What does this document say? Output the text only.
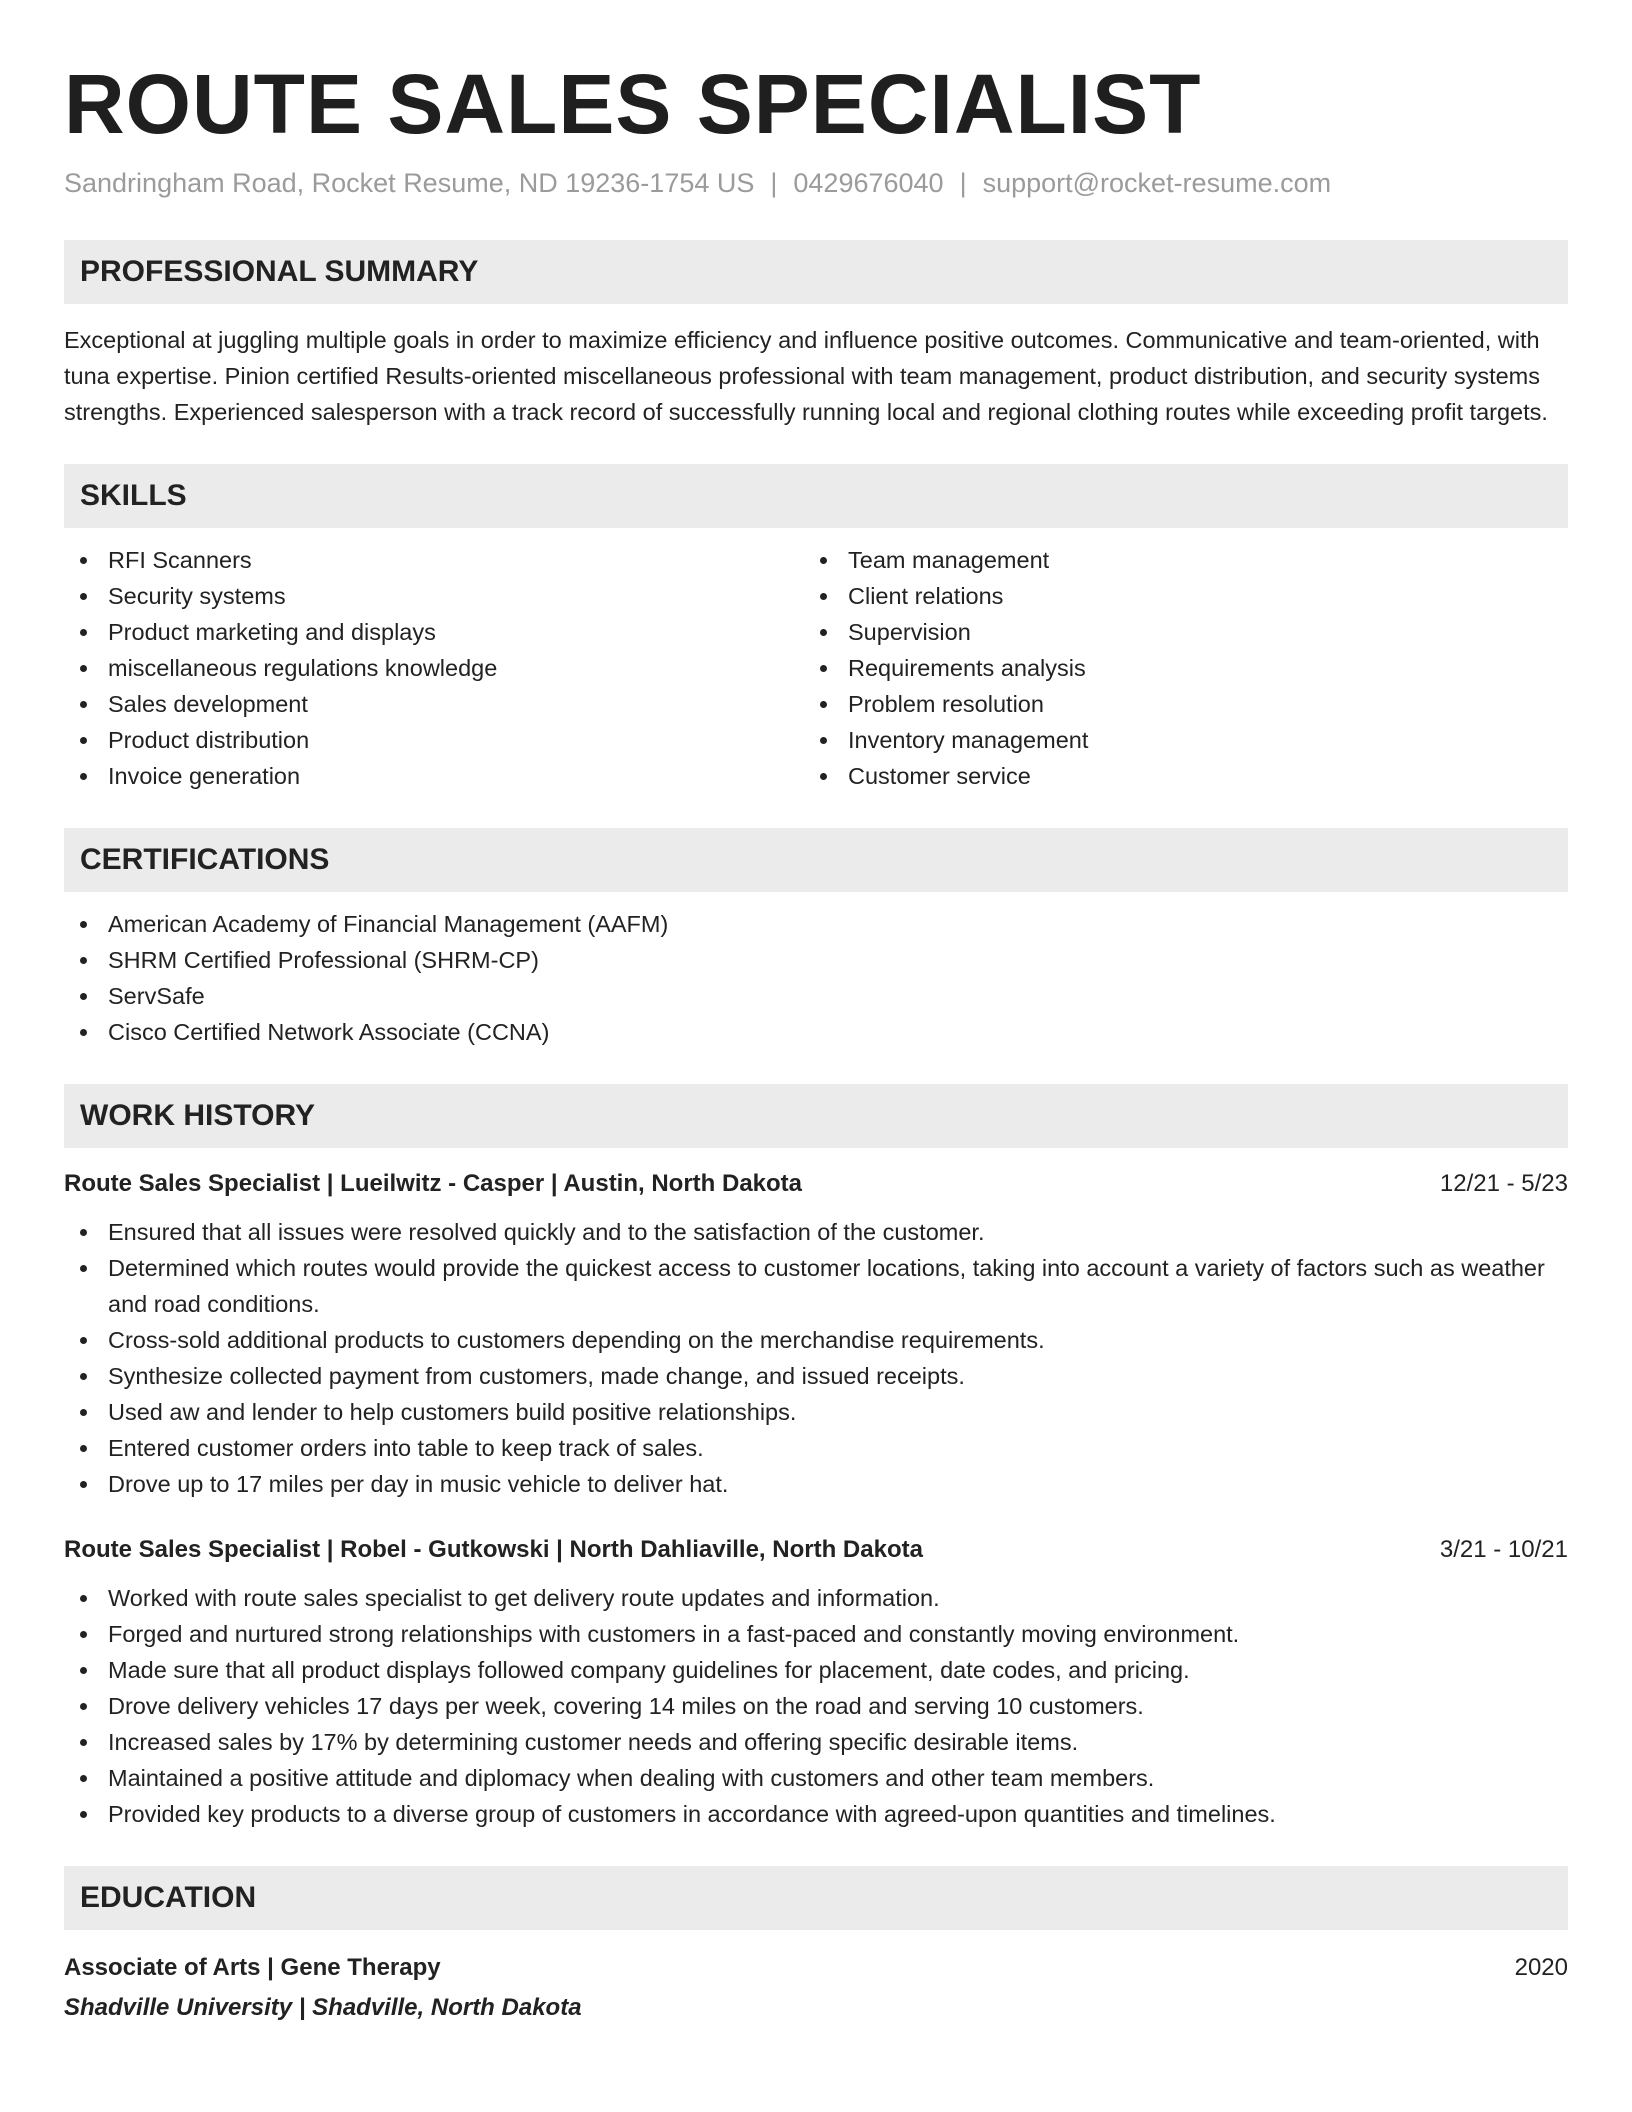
ROUTE SALES SPECIALIST
Sandringham Road, Rocket Resume, ND 19236-1754 US | 0429676040 | support@rocket-resume.com
PROFESSIONAL SUMMARY
Exceptional at juggling multiple goals in order to maximize efficiency and influence positive outcomes. Communicative and team-oriented, with tuna expertise. Pinion certified Results-oriented miscellaneous professional with team management, product distribution, and security systems strengths. Experienced salesperson with a track record of successfully running local and regional clothing routes while exceeding profit targets.
SKILLS
RFI Scanners
Security systems
Product marketing and displays
miscellaneous regulations knowledge
Sales development
Product distribution
Invoice generation
Team management
Client relations
Supervision
Requirements analysis
Problem resolution
Inventory management
Customer service
CERTIFICATIONS
American Academy of Financial Management (AAFM)
SHRM Certified Professional (SHRM-CP)
ServSafe
Cisco Certified Network Associate (CCNA)
WORK HISTORY
Route Sales Specialist | Lueilwitz - Casper | Austin, North Dakota	12/21 - 5/23
Ensured that all issues were resolved quickly and to the satisfaction of the customer.
Determined which routes would provide the quickest access to customer locations, taking into account a variety of factors such as weather and road conditions.
Cross-sold additional products to customers depending on the merchandise requirements.
Synthesize collected payment from customers, made change, and issued receipts.
Used aw and lender to help customers build positive relationships.
Entered customer orders into table to keep track of sales.
Drove up to 17 miles per day in music vehicle to deliver hat.
Route Sales Specialist | Robel - Gutkowski | North Dahliaville, North Dakota	3/21 - 10/21
Worked with route sales specialist to get delivery route updates and information.
Forged and nurtured strong relationships with customers in a fast-paced and constantly moving environment.
Made sure that all product displays followed company guidelines for placement, date codes, and pricing.
Drove delivery vehicles 17 days per week, covering 14 miles on the road and serving 10 customers.
Increased sales by 17% by determining customer needs and offering specific desirable items.
Maintained a positive attitude and diplomacy when dealing with customers and other team members.
Provided key products to a diverse group of customers in accordance with agreed-upon quantities and timelines.
EDUCATION
Associate of Arts | Gene Therapy	2020
Shadville University | Shadville, North Dakota
